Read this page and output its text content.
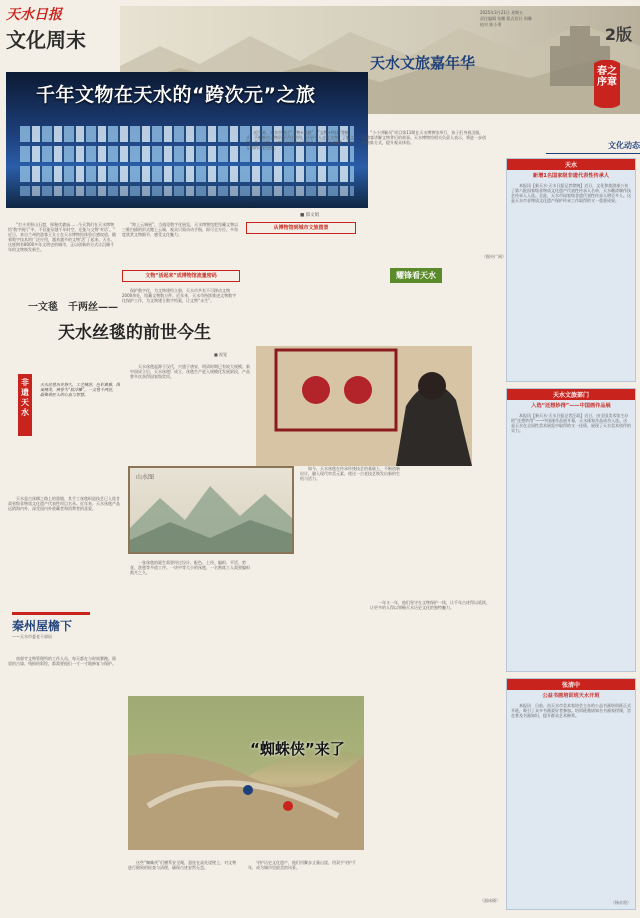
天水日报
文化周末
2025年3月21日 星期五
责任编辑 张鹏 版式设计 周琳
校对 陈小勇
2版
天水文旅嘉年华	春之序章
千年文物在天水的“跨次元”之旅
■ 邵文娟
“打卡麦积山石窟，探秘伏羲庙……今天我们在天水博物馆‘数字展厅’中，不仅能穿越千年时空，还能与文物‘对话’。” 近日，来自兰州的游客王女士在天水博物馆体验后感叹道。随着数字技术的广泛应用，越来越多的文物‘活’了起来。天水，这座拥有8000多年文明史的城市，正以创新的方式让沉睡千年的文物焕发新生。
“跨上云端展”，当遇见数字化展览，天水博物馆把馆藏文物以三维扫描的形式搬上云端，观众只需动动手指，即可全方位、多角度欣赏文物细节，感受文化魅力。
文物“活起来”成博物馆流量密码
保护数字化，为文物建档立册，天水市共有不可移动文物2000余处，馆藏文物数万件。近年来，天水市持续推进文物数字化保护工作，为文物建立数字档案，让文物“永生”。
近年来，天水市通过“文物+旅游”、“文物+科技”等模式，不断推动文物资源活化利用，让更多人走近文物、了解文物、爱上文物。文物不再是冰冷的展品，而是可以触摸、可以互动的历史见证。
从博物馆到城市文旅图景
“小小讲解员”项目第11期在天水博物馆举行，孩子们身着汉服，为游客讲解文物背后的故事。天水博物馆相关负责人表示，将进一步创新展陈方式，提升观众体验。
（据央广网）
耀锋看天水
非遗天水
一文毯　千两丝——
天水丝毯的前世今生
■ 视觉
天水丝毯历史悠久，工艺精湛，色彩典雅，图案精美，被誉为“软浮雕”。一文毯千两丝，凝聚着匠人的心血与智慧。
天水是古丝绸之路上的重镇，其手工丝毯织造技艺已入选甘肃省级非物质文化遗产代表性项目名录。近年来，天水丝毯产品远销海内外，深受国内外收藏者和消费者的喜爱。
天水丝毯起源于汉代，兴盛于唐宋，明清时期已有较大规模。新中国成立后，天水丝毯厂成立，丝毯生产进入规模化发展阶段，产品曾多次获得国家级奖项。
一张丝毯的诞生需要经过设计、配色、上经、编织、平活、剪花、洗毯等多道工序。一块中等大小的丝毯，一名熟练工人需要编织数月之久。
如今，天水丝毯在传承传统技艺的基础上，不断创新设计，融入现代审美元素，使这一古老技艺焕发出新的生机与活力。
山水图
秦州屋檐下
——天水市委老干部局
“蜘蛛侠”来了
南郭寺文物管理所的工作人员，每天都在与时间赛跑。斑驳的古墙、残损的彩绘，都需要他们一寸一寸地修复与保护。
这些“蜘蛛侠”们腰系安全绳，悬挂在高处崖壁上，对文物进行细致的检查与清理，确保古迹安然无恙。
守护历史文化遗产，他们用脚步丈量山崖，用双手守护千年，成为城市里最美的风景。
一年又一年，他们坚守在文物保护一线，让千年古迹得以延续，让更多的人得以领略天水历史文化的独特魅力。
（邵冰瑛）
文化动态
天水
新增1名国家级非遗代表性传承人
本报讯【新天水·天水日报记者徐婉】近日，文化和旅游部公布了第六批国家级非物质文化遗产代表性传承人名单，天水雕漆制作技艺传承人入选。至此，天水市国家级非遗代表性传承人增至多人。这是天水市非物质文化遗产保护传承工作取得的又一重要成果。
天水文旅部门
入选“还想妙得”——中国画作品展
本报讯【新天水·天水日报记者汪政】近日，由全国美术馆主办的“还想妙得”——中国画作品展开幕，天水画家作品成功入选。这是天水在全国性美术展览中取得的又一佳绩，展现了天水美术创作的实力。
张清中
公益书画培训班天水开班
本报讯　日前，由天水市美术家协会主办的公益书画培训班正式开班，吸引了众多书画爱好者参加。培训班邀请知名书画家授课，旨在普及书画知识，提升群众艺术修养。
（杨京贵）
